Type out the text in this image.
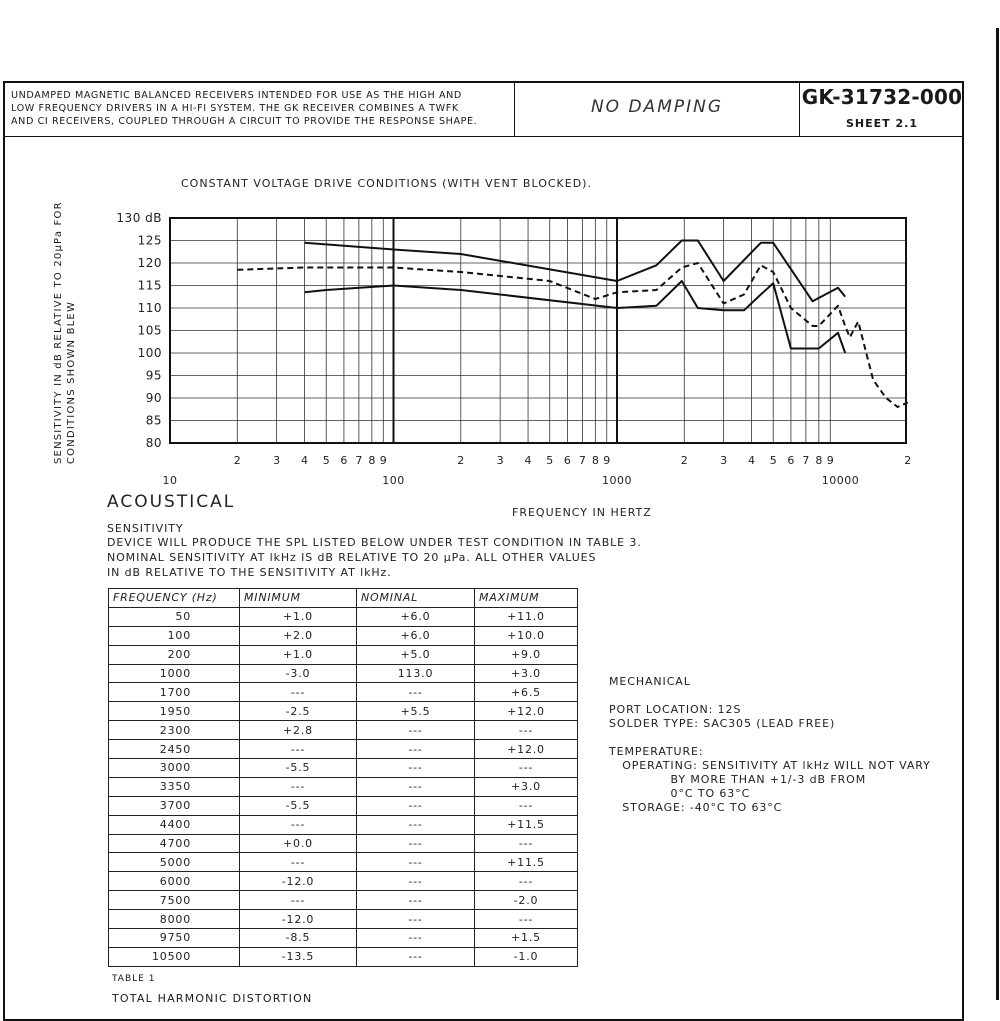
UNDAMPED MAGNETIC BALANCED RECEIVERS INTENDED FOR USE AS THE HIGH AND
LOW FREQUENCY DRIVERS IN A HI-FI SYSTEM. THE GK RECEIVER COMBINES A TWFK
AND CI RECEIVERS, COUPLED THROUGH A CIRCUIT TO PROVIDE THE RESPONSE SHAPE.
NO DAMPING	GK-31732-000
SHEET 2.1
CONSTANT VOLTAGE DRIVE CONDITIONS (WITH VENT BLOCKED).
SENSITIVITY IN dB RELATIVE TO 20μPa FOR CONDITIONS SHOWN BLEW
130 dB
125
120
115
110
105
100
95
90
85
80
2	3 4 5 6 7 8 9	2	3 4 5 6 7 8 9	2	3 4 5 6 7 8 9	2
10	100	1000	10000
FREQUENCY IN HERTZ
ACOUSTICAL
SENSITIVITY
DEVICE WILL PRODUCE THE SPL LISTED BELOW UNDER TEST CONDITION IN TABLE 3.
NOMINAL SENSITIVITY AT lkHz IS dB RELATIVE TO 20 μPa. ALL OTHER VALUES
IN dB RELATIVE TO THE SENSITIVITY AT lkHz.
FREQUENCY (Hz)	MINIMUM	NOMINAL	MAXIMUM
50	+1.0	+6.0	+11.0
100	+2.0	+6.0	+10.0
200	+1.0	+5.0	+9.0
1000	-3.0	113.0	+3.0
1700	---	---	+6.5
1950	-2.5	+5.5	+12.0
2300	+2.8	---	---
2450	---	---	+12.0
3000	-5.5	---	---
3350	---	---	+3.0
3700	-5.5	---	---
4400	---	---	+11.5
4700	+0.0	---	---
5000	---	---	+11.5
6000	-12.0	---	---
7500	---	---	-2.0
8000	-12.0	---	---
9750	-8.5	---	+1.5
10500	-13.5	---	-1.0
TABLE 1
TOTAL HARMONIC DISTORTION
MECHANICAL
PORT LOCATION: 12S
SOLDER TYPE: SAC305 (LEAD FREE)
TEMPERATURE:
OPERATING: SENSITIVITY AT lkHz WILL NOT VARY
BY MORE THAN +1/-3 dB FROM
0°C TO 63°C
STORAGE: -40°C TO 63°C
